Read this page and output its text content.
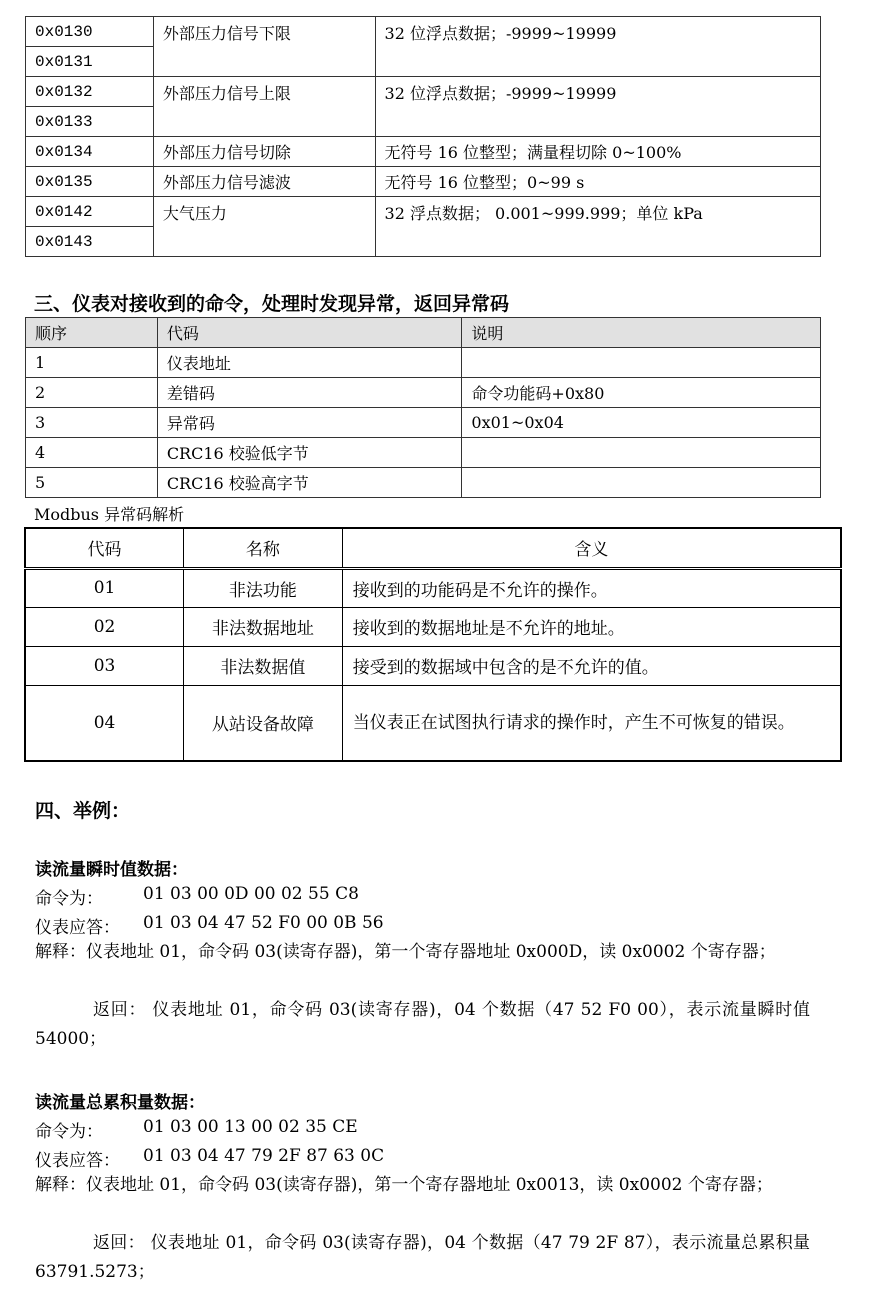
0x0130	外部压力信号下限	32 位浮点数据；-9999~19999
0x0131		
0x0132	外部压力信号上限	32 位浮点数据；-9999~19999
0x0133		
0x0134	外部压力信号切除	无符号 16 位整型；满量程切除 0~100%
0x0135	外部压力信号滤波	无符号 16 位整型；0~99 s
0x0142	大气压力	32 浮点数据； 0.001~999.999；单位 kPa
0x0143		
三、仪表对接收到的命令，处理时发现异常，返回异常码
顺序	代码	说明
1	仪表地址	
2	差错码	命令功能码+0x80
3	异常码	0x01~0x04
4	CRC16 校验低字节	
5	CRC16 校验高字节	
Modbus 异常码解析
代码	名称	含义
01	非法功能	接收到的功能码是不允许的操作。
02	非法数据地址	接收到的数据地址是不允许的地址。
03	非法数据值	接受到的数据域中包含的是不允许的值。
04	从站设备故障	当仪表正在试图执行请求的操作时，产生不可恢复的错误。
四、举例：
读流量瞬时值数据：
命令为： 01 03 00 0D 00 02 55 C8
仪表应答： 01 03 04 47 52 F0 00 0B 56
解释：仪表地址 01，命令码 03(读寄存器)，第一个寄存器地址 0x000D，读 0x0002 个寄存器；
返回： 仪表地址 01，命令码 03(读寄存器)，04 个数据（47 52 F0 00），表示流量瞬时值 54000；
读流量总累积量数据：
命令为： 01 03 00 13 00 02 35 CE
仪表应答： 01 03 04 47 79 2F 87 63 0C
解释：仪表地址 01，命令码 03(读寄存器)，第一个寄存器地址 0x0013，读 0x0002 个寄存器；
返回： 仪表地址 01，命令码 03(读寄存器)，04 个数据（47 79 2F 87），表示流量总累积量 63791.5273；
